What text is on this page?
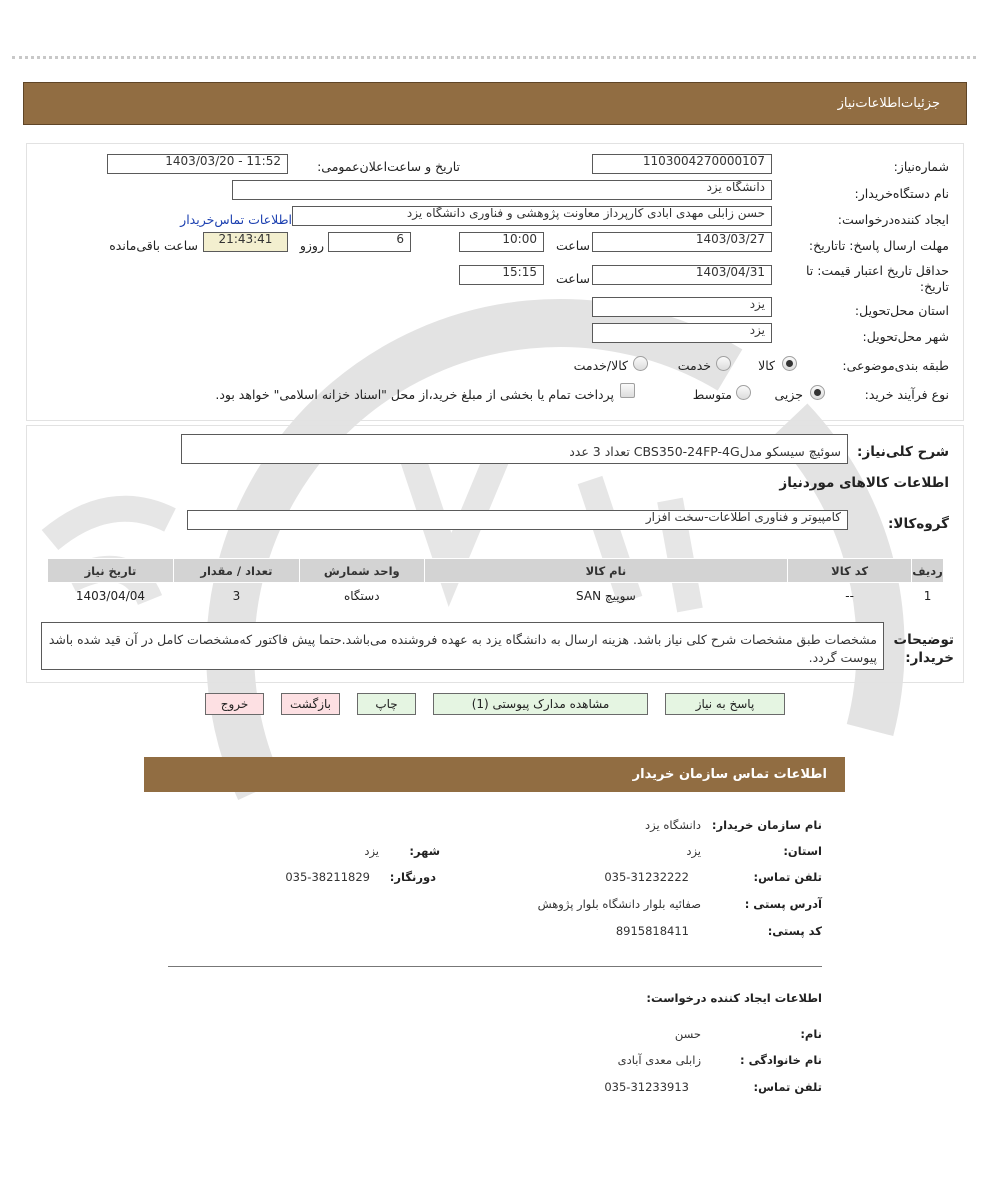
جزئیات‌اطلاعات‌نیاز
شماره‌نیاز:
1103004270000107
تاریخ و ساعت‌اعلان‌عمومی:
1403/03/20 - 11:52
نام دستگاه‌خریدار:
دانشگاه یزد
ایجاد کننده‌درخواست:
حسن زابلی مهدی ابادی کارپرداز معاونت پژوهشی و فناوری دانشگاه یزد
اطلاعات تماس‌خریدار
مهلت ارسال پاسخ: تاتاریخ:
1403/03/27
ساعت
10:00
6
روزو
21:43:41
ساعت باقی‌مانده
حداقل تاریخ اعتبار قیمت: تا تاریخ:
1403/04/31
ساعت
15:15
استان محل‌تحویل:
یزد
شهر محل‌تحویل:
یزد
طبقه بندی‌موضوعی:
کالا
خدمت
کالا/خدمت
نوع فرآیند خرید:
جزیی
متوسط
پرداخت تمام یا بخشی از مبلغ خرید،از محل "اسناد خزانه اسلامی" خواهد بود.
شرح کلی‌نیاز:
سوئیچ سیسکو مدلCBS350-24FP-4G تعداد 3 عدد
اطلاعات کالاهای مورد‌نیاز
گروه‌کالا:
کامپیوتر و فناوری اطلاعات-سخت افزار
ردیف	کد کالا	نام کالا	واحد شمارش	تعداد / مقدار	تاریخ نیاز
1	--	سوییچ SAN	دستگاه	3	1403/04/04
توضیحات خریدار:
مشخصات طبق مشخصات شرح کلی نیاز باشد. هزینه ارسال به دانشگاه یزد به عهده فروشنده می‌باشد.حتما پیش فاکتور که‌مشخصات کامل در آن قید شده باشد پیوست گردد.
پاسخ به نیاز
مشاهده مدارک پیوستی (1)
چاپ
بازگشت
خروج
اطلاعات تماس سازمان خریدار
نام سازمان خریدار:
دانشگاه یزد
استان:
یزد
شهر:
یزد
تلفن تماس:
035-31232222
دورنگار:
035-38211829
آدرس پستی :
صفائیه بلوار دانشگاه بلوار پژوهش
کد پستی:
8915818411
اطلاعات ایجاد کننده درخواست:
نام:
حسن
نام خانوادگی :
زابلی معدی آبادی
تلفن تماس:
035-31233913
